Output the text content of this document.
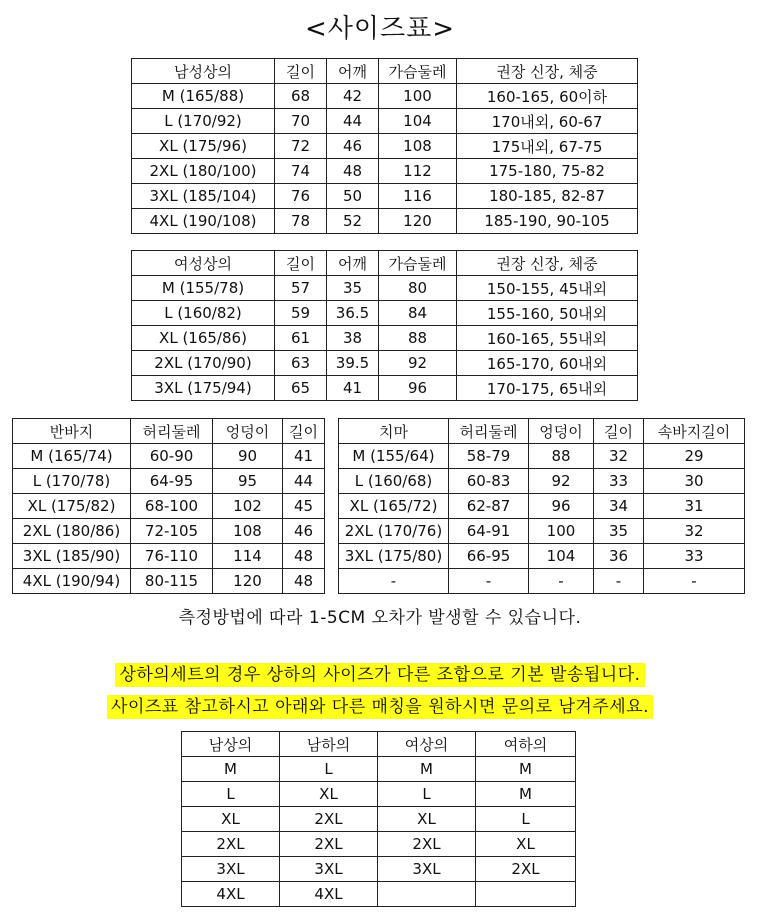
<사이즈표>
남성상의	길이	어깨	가슴둘레	권장 신장, 체중
M (165/88)	68	42	100	160-165, 60이하
L (170/92)	70	44	104	170내외, 60-67
XL (175/96)	72	46	108	175내외, 67-75
2XL (180/100)	74	48	112	175-180, 75-82
3XL (185/104)	76	50	116	180-185, 82-87
4XL (190/108)	78	52	120	185-190, 90-105
여성상의	길이	어깨	가슴둘레	권장 신장, 체중
M (155/78)	57	35	80	150-155, 45내외
L (160/82)	59	36.5	84	155-160, 50내외
XL (165/86)	61	38	88	160-165, 55내외
2XL (170/90)	63	39.5	92	165-170, 60내외
3XL (175/94)	65	41	96	170-175, 65내외
반바지	허리둘레	엉덩이	길이
M (165/74)	60-90	90	41
L (170/78)	64-95	95	44
XL (175/82)	68-100	102	45
2XL (180/86)	72-105	108	46
3XL (185/90)	76-110	114	48
4XL (190/94)	80-115	120	48
치마	허리둘레	엉덩이	길이	속바지길이
M (155/64)	58-79	88	32	29
L (160/68)	60-83	92	33	30
XL (165/72)	62-87	96	34	31
2XL (170/76)	64-91	100	35	32
3XL (175/80)	66-95	104	36	33
-	-	-	-	-
측정방법에 따라 1-5CM 오차가 발생할 수 있습니다.
상하의세트의 경우 상하의 사이즈가 다른 조합으로 기본 발송됩니다.
사이즈표 참고하시고 아래와 다른 매칭을 원하시면 문의로 남겨주세요.
남상의	남하의	여상의	여하의
M	L	M	M
L	XL	L	M
XL	2XL	XL	L
2XL	2XL	2XL	XL
3XL	3XL	3XL	2XL
4XL	4XL		
